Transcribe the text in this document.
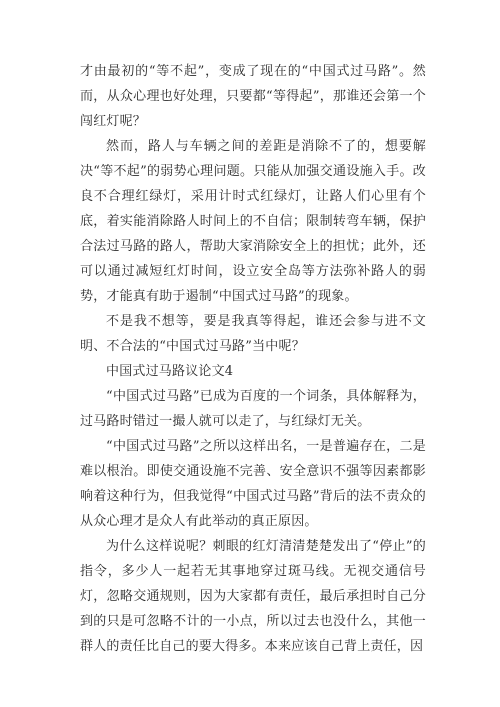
才由最初的“等不起”，变成了现在的“中国式过马路”。然而，从众心理也好处理，只要都“等得起”，那谁还会第一个闯红灯呢？

然而，路人与车辆之间的差距是消除不了的，想要解决“等不起”的弱势心理问题。只能从加强交通设施入手。改良不合理红绿灯，采用计时式红绿灯，让路人们心里有个底，着实能消除路人时间上的不自信；限制转弯车辆，保护合法过马路的路人，帮助大家消除安全上的担忧；此外，还可以通过减短红灯时间，设立安全岛等方法弥补路人的弱势，才能真有助于遏制“中国式过马路”的现象。

不是我不想等，要是我真等得起，谁还会参与进不文明、不合法的“中国式过马路”当中呢？

中国式过马路议论文4

“中国式过马路”已成为百度的一个词条，具体解释为，过马路时错过一撮人就可以走了，与红绿灯无关。

“中国式过马路”之所以这样出名，一是普遍存在，二是难以根治。即使交通设施不完善、安全意识不强等因素都影响着这种行为，但我觉得“中国式过马路”背后的法不责众的从众心理才是众人有此举动的真正原因。

为什么这样说呢？刺眼的红灯清清楚楚发出了“停止”的指令，多少人一起若无其事地穿过斑马线。无视交通信号灯，忽略交通规则，因为大家都有责任，最后承担时自己分到的只是可忽略不计的一小点，所以过去也没什么，其他一群人的责任比自己的要大得多。本来应该自己背上责任，因
